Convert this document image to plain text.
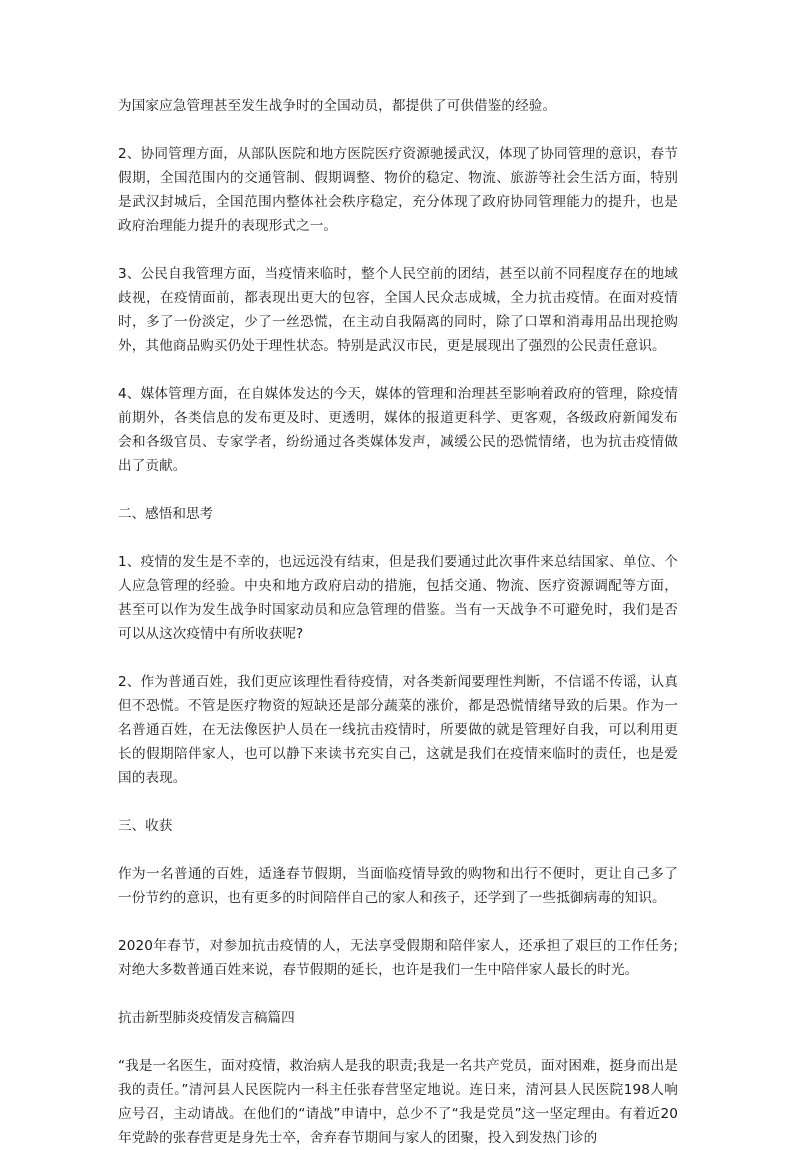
为国家应急管理甚至发生战争时的全国动员，都提供了可供借鉴的经验。

2、协同管理方面，从部队医院和地方医院医疗资源驰援武汉，体现了协同管理的意识，春节假期，全国范围内的交通管制、假期调整、物价的稳定、物流、旅游等社会生活方面，特别是武汉封城后，全国范围内整体社会秩序稳定，充分体现了政府协同管理能力的提升，也是政府治理能力提升的表现形式之一。

3、公民自我管理方面，当疫情来临时，整个人民空前的团结，甚至以前不同程度存在的地域歧视，在疫情面前，都表现出更大的包容，全国人民众志成城，全力抗击疫情。在面对疫情时，多了一份淡定，少了一丝恐慌，在主动自我隔离的同时，除了口罩和消毒用品出现抢购外，其他商品购买仍处于理性状态。特别是武汉市民，更是展现出了强烈的公民责任意识。

4、媒体管理方面，在自媒体发达的今天，媒体的管理和治理甚至影响着政府的管理，除疫情前期外，各类信息的发布更及时、更透明，媒体的报道更科学、更客观，各级政府新闻发布会和各级官员、专家学者，纷纷通过各类媒体发声，减缓公民的恐慌情绪，也为抗击疫情做出了贡献。

二、感悟和思考

1、疫情的发生是不幸的，也远远没有结束，但是我们要通过此次事件来总结国家、单位、个人应急管理的经验。中央和地方政府启动的措施，包括交通、物流、医疗资源调配等方面，甚至可以作为发生战争时国家动员和应急管理的借鉴。当有一天战争不可避免时，我们是否可以从这次疫情中有所收获呢?

2、作为普通百姓，我们更应该理性看待疫情，对各类新闻要理性判断，不信谣不传谣，认真但不恐慌。不管是医疗物资的短缺还是部分蔬菜的涨价，都是恐慌情绪导致的后果。作为一名普通百姓，在无法像医护人员在一线抗击疫情时，所要做的就是管理好自我，可以利用更长的假期陪伴家人，也可以静下来读书充实自己，这就是我们在疫情来临时的责任，也是爱国的表现。

三、收获

作为一名普通的百姓，适逢春节假期，当面临疫情导致的购物和出行不便时，更让自己多了一份节约的意识，也有更多的时间陪伴自己的家人和孩子，还学到了一些抵御病毒的知识。

2020年春节，对参加抗击疫情的人，无法享受假期和陪伴家人，还承担了艰巨的工作任务;对绝大多数普通百姓来说，春节假期的延长，也许是我们一生中陪伴家人最长的时光。

抗击新型肺炎疫情发言稿篇四

“我是一名医生，面对疫情，救治病人是我的职责;我是一名共产党员，面对困难，挺身而出是我的责任。”清河县人民医院内一科主任张春营坚定地说。连日来，清河县人民医院198人响应号召，主动请战。在他们的“请战”申请中，总少不了“我是党员”这一坚定理由。有着近20年党龄的张春营更是身先士卒，舍弃春节期间与家人的团聚，投入到发热门诊的
